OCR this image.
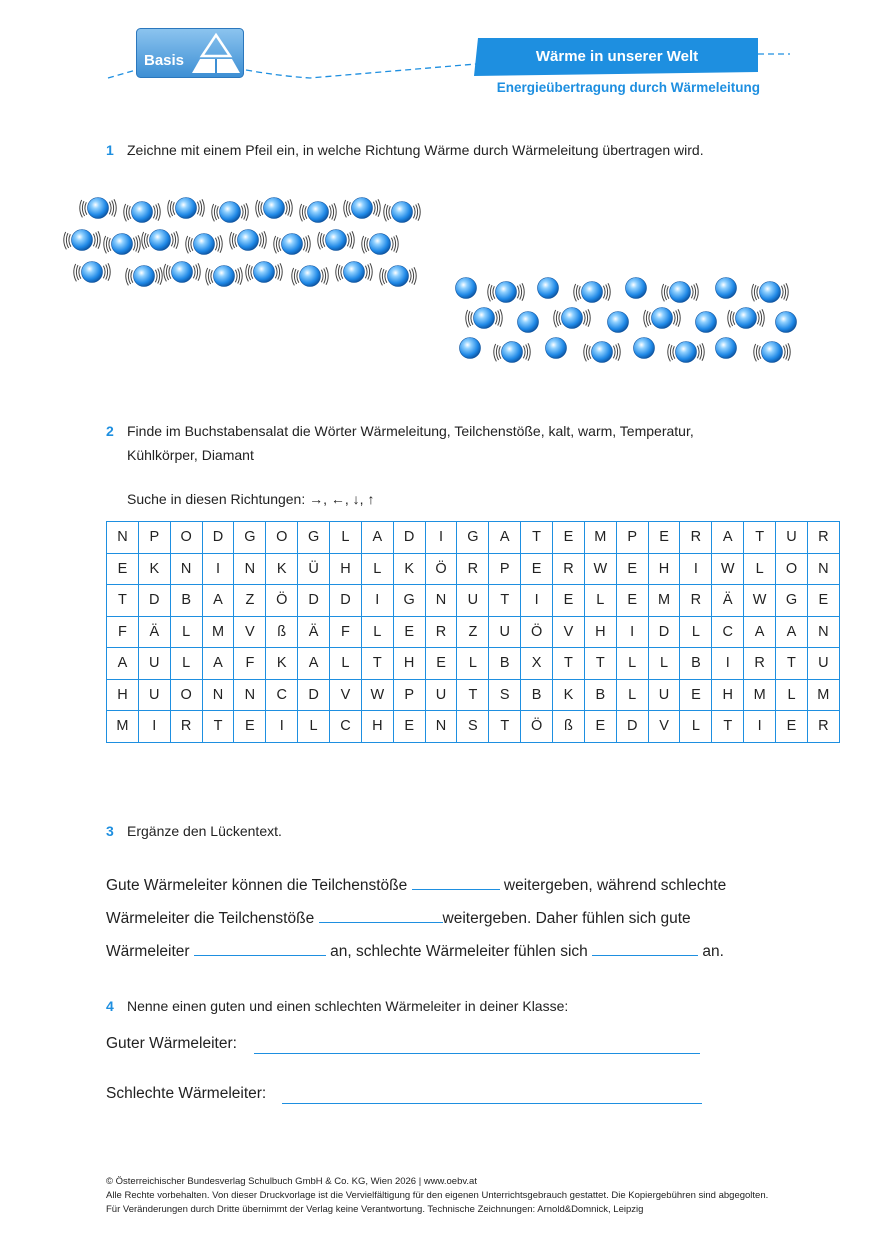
Basis	Wärme in unserer Welt
Energieübertragung durch Wärmeleitung
1 Zeichne mit einem Pfeil ein, in welche Richtung Wärme durch Wärmeleitung übertragen wird.
2 Finde im Buchstabensalat die Wörter Wärmeleitung, Teilchenstöße, kalt, warm, Temperatur,
Kühlkörper, Diamant
Suche in diesen Richtungen: →, ←, ↓, ↑
N	P	O	D	G	O	G	L	A	D	I	G	A	T	E	M	P	E	R	A	T	U	R
E	K	N	I	N	K	Ü	H	L	K	Ö	R	P	E	R	W	E	H	I	W	L	O	N
T	D	B	A	Z	Ö	D	D	I	G	N	U	T	I	E	L	E	M	R	Ä	W	G	E
F	Ä	L	M	V	ß	Ä	F	L	E	R	Z	U	Ö	V	H	I	D	L	C	A	A	N
A	U	L	A	F	K	A	L	T	H	E	L	B	X	T	T	L	L	B	I	R	T	U
H	U	O	N	N	C	D	V	W	P	U	T	S	B	K	B	L	U	E	H	M	L	M
M	I	R	T	E	I	L	C	H	E	N	S	T	Ö	ß	E	D	V	L	T	I	E	R
3 Ergänze den Lückentext.
Gute Wärmeleiter können die Teilchenstöße	weitergeben, während schlechte
Wärmeleiter die Teilchenstöße	weitergeben. Daher fühlen sich gute
Wärmeleiter	an, schlechte Wärmeleiter fühlen sich	an.
4 Nenne einen guten und einen schlechten Wärmeleiter in deiner Klasse:
Guter Wärmeleiter:
Schlechte Wärmeleiter:
© Österreichischer Bundesverlag Schulbuch GmbH & Co. KG, Wien 2026 | www.oebv.at
Alle Rechte vorbehalten. Von dieser Druckvorlage ist die Vervielfältigung für den eigenen Unterrichtsgebrauch gestattet. Die Kopiergebühren sind abgegolten.
Für Veränderungen durch Dritte übernimmt der Verlag keine Verantwortung. Technische Zeichnungen: Arnold&Domnick, Leipzig
